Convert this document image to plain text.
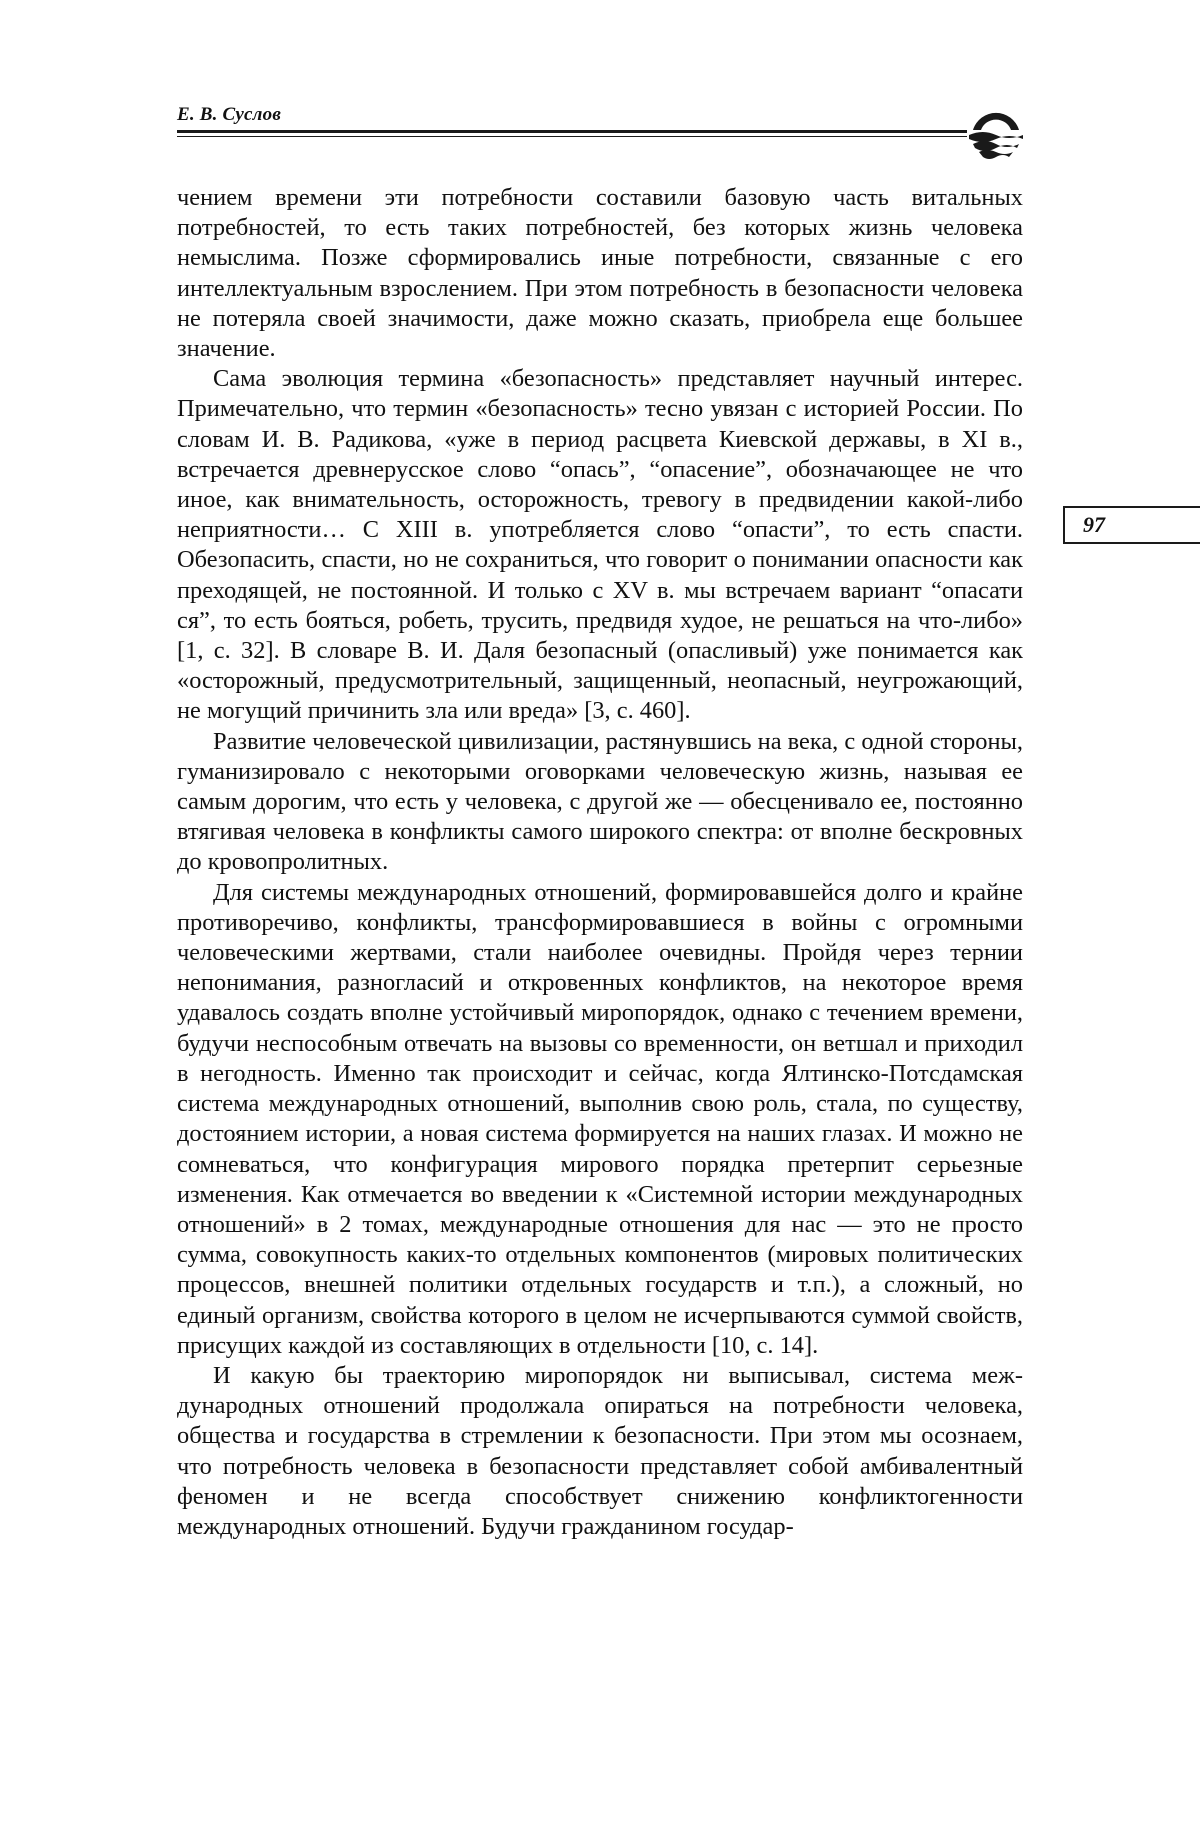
Е. В. Суслов
97

чением времени эти потребности составили базовую часть витальных потребностей, то есть таких потребностей, без которых жизнь человека немыслима. Позже сформировались иные потребности, связанные с его интеллектуальным взрослением. При этом потребность в безопасности человека не потеряла своей значимости, даже можно сказать, приобрела еще большее значение.

Сама эволюция термина «безопасность» представляет научный интерес. Примечательно, что термин «безопасность» тесно увязан с историей России. По словам И. В. Радикова, «уже в период расцвета Киевской державы, в XI в., встречается древнерусское слово “опась”, “опасение”, обозначающее не что иное, как внимательность, осторожность, тревогу в предвидении какой-либо неприятности… С XIII в. употребляется слово “опасти”, то есть спасти. Обезопасить, спасти, но не сохраниться, что говорит о понимании опасности как преходящей, не постоянной. И только с XV в. мы встречаем вариант “опасати ся”, то есть бояться, робеть, трусить, предвидя худое, не решаться на что-либо» [1, с. 32]. В словаре В. И. Даля безопасный (опасливый) уже понимается как «осторожный, предусмотрительный, защищенный, неопасный, неугрожающий, не могущий причинить зла или вреда» [3, с. 460].

Развитие человеческой цивилизации, растянувшись на века, с одной стороны, гуманизировало с некоторыми оговорками человеческую жизнь, называя ее самым дорогим, что есть у человека, с другой же — обесценивало ее, постоянно втягивая человека в конфликты самого широкого спектра: от вполне бескровных до кровопролитных.

Для системы международных отношений, формировавшейся долго и крайне противоречиво, конфликты, трансформировавшиеся в войны с огромными человеческими жертвами, стали наиболее очевидны. Пройдя через тернии непонимания, разногласий и откровенных конфликтов, на некоторое время удавалось создать вполне устойчивый миропорядок, однако с течением времени, будучи неспособным отвечать на вызовы со временности, он ветшал и приходил в негодность. Именно так происходит и сейчас, когда Ялтинско-Потсдамская система международных отношений, выполнив свою роль, стала, по существу, достоянием истории, а новая система формируется на наших глазах. И можно не сомневаться, что конфигурация мирового порядка претерпит серьезные изменения. Как отмечается во введении к «Системной истории международных отношений» в 2 томах, международные отношения для нас — это не просто сумма, совокупность каких-то отдельных компонентов (мировых политических процессов, внешней политики отдельных государств и т.п.), а сложный, но единый организм, свойства которого в целом не исчерпываются суммой свойств, присущих каждой из составляющих в отдельности [10, с. 14].

И какую бы траекторию миропорядок ни выписывал, система международных отношений продолжала опираться на потребности человека, общества и государства в стремлении к безопасности. При этом мы осознаем, что потребность человека в безопасности представляет собой амбивалентный феномен и не всегда способствует снижению конфликтогенности международных отношений. Будучи гражданином государ-
